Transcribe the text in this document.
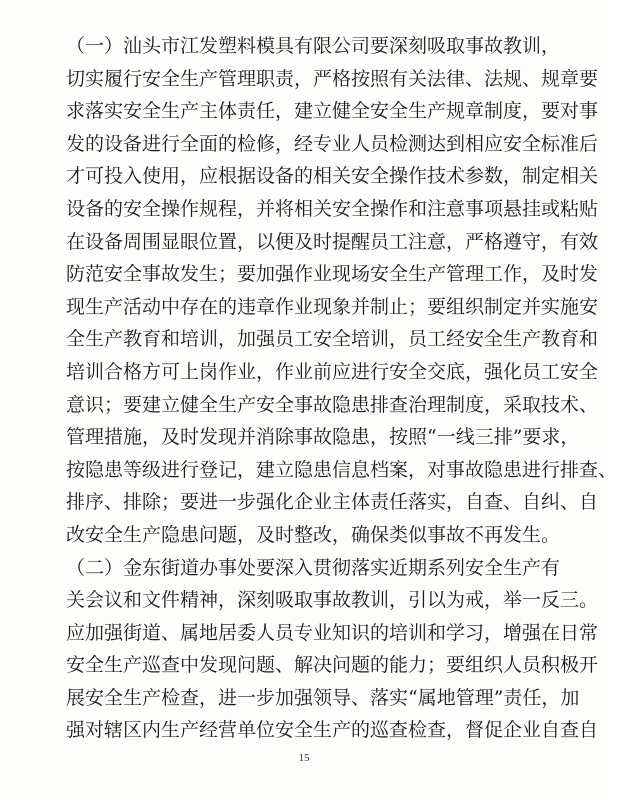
（一）汕头市江发塑料模具有限公司要深刻吸取事故教训，
切实履行安全生产管理职责，严格按照有关法律、法规、规章要
求落实安全生产主体责任，建立健全安全生产规章制度，要对事
发的设备进行全面的检修，经专业人员检测达到相应安全标准后
才可投入使用，应根据设备的相关安全操作技术参数，制定相关
设备的安全操作规程，并将相关安全操作和注意事项悬挂或粘贴
在设备周围显眼位置，以便及时提醒员工注意，严格遵守，有效
防范安全事故发生；要加强作业现场安全生产管理工作，及时发
现生产活动中存在的违章作业现象并制止；要组织制定并实施安
全生产教育和培训，加强员工安全培训，员工经安全生产教育和
培训合格方可上岗作业，作业前应进行安全交底，强化员工安全
意识；要建立健全生产安全事故隐患排查治理制度，采取技术、
管理措施，及时发现并消除事故隐患，按照“一线三排”要求，
按隐患等级进行登记，建立隐患信息档案，对事故隐患进行排查、
排序、排除；要进一步强化企业主体责任落实，自查、自纠、自
改安全生产隐患问题，及时整改，确保类似事故不再发生。
（二）金东街道办事处要深入贯彻落实近期系列安全生产有
关会议和文件精神，深刻吸取事故教训，引以为戒，举一反三。
应加强街道、属地居委人员专业知识的培训和学习，增强在日常
安全生产巡查中发现问题、解决问题的能力；要组织人员积极开
展安全生产检查，进一步加强领导、落实“属地管理”责任，加
强对辖区内生产经营单位安全生产的巡查检查，督促企业自查自
15
